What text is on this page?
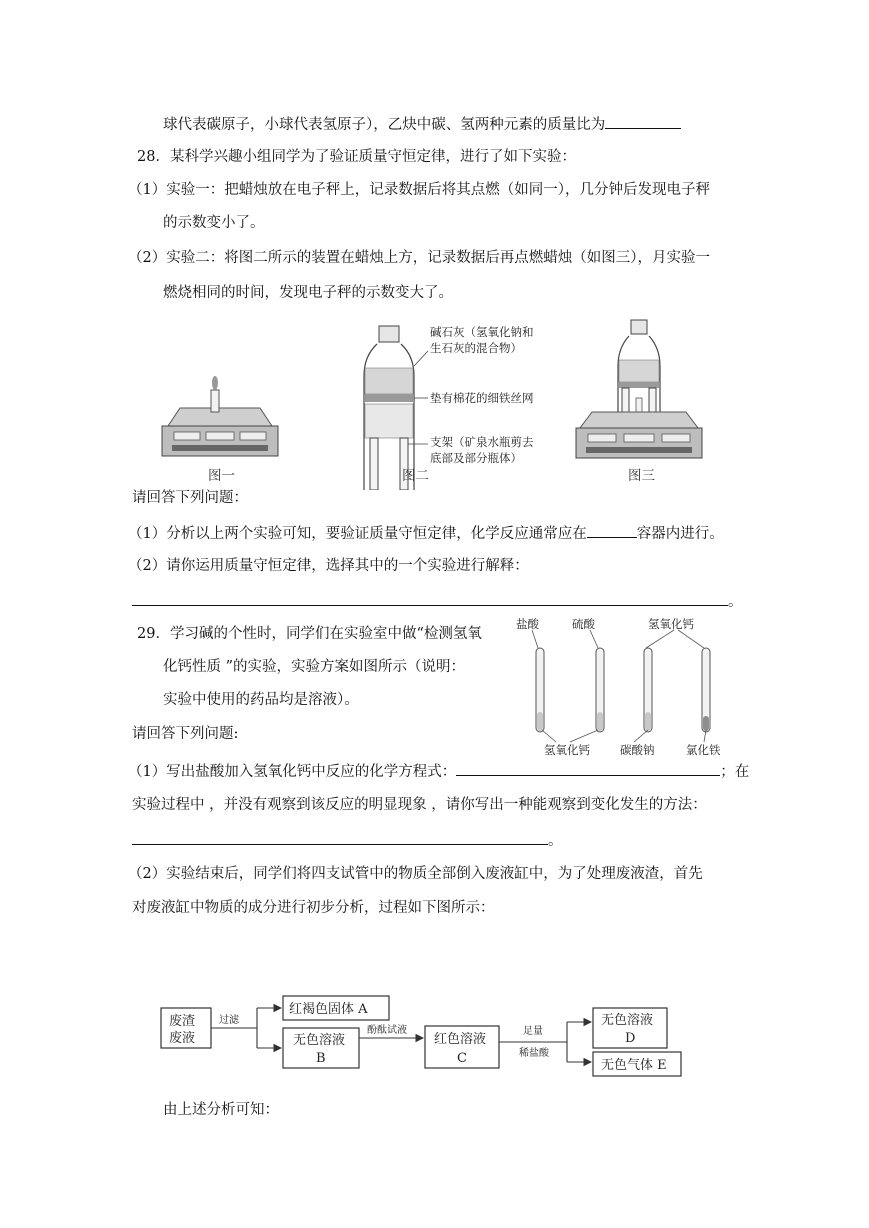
球代表碳原子，小球代表氢原子），乙炔中碳、氢两种元素的质量比为
28．某科学兴趣小组同学为了验证质量守恒定律，进行了如下实验：
（1）实验一：把蜡烛放在电子秤上，记录数据后将其点燃（如同一），几分钟后发现电子秤
的示数变小了。
（2）实验二：将图二所示的装置在蜡烛上方，记录数据后再点燃蜡烛（如图三），月实验一
燃烧相同的时间，发现电子秤的示数变大了。
碱石灰（氢氧化钠和
生石灰的混合物）
垫有棉花的细铁丝网
支架（矿泉水瓶剪去
底部及部分瓶体）
图一	图二	图三
请回答下列问题：
（1）分析以上两个实验可知，要验证质量守恒定律，化学反应通常应在	容器内进行。
（2）请你运用质量守恒定律，选择其中的一个实验进行解释：
。
29．学习碱的个性时，同学们在实验室中做“检测氢氧
化钙性质 ”的实验，实验方案如图所示（说明：
实验中使用的药品均是溶液）。
请回答下列问题:
盐酸	硫酸	氢氧化钙
氢氧化钙	碳酸钠	氯化铁
（1）写出盐酸加入氢氧化钙中反应的化学方程式：	；在
实验过程中 ，并没有观察到该反应的明显现象 ，请你写出一种能观察到变化发生的方法：
。
（2）实验结束后，同学们将四支试管中的物质全部倒入废液缸中，为了处理废液渣，首先
对废液缸中物质的成分进行初步分析，过程如下图所示：
废渣
废液
过滤
红褐色固体 A
无色溶液
B
酚酞试液
红色溶液
C
足量
稀盐酸
无色溶液
D
无色气体 E
由上述分析可知：
